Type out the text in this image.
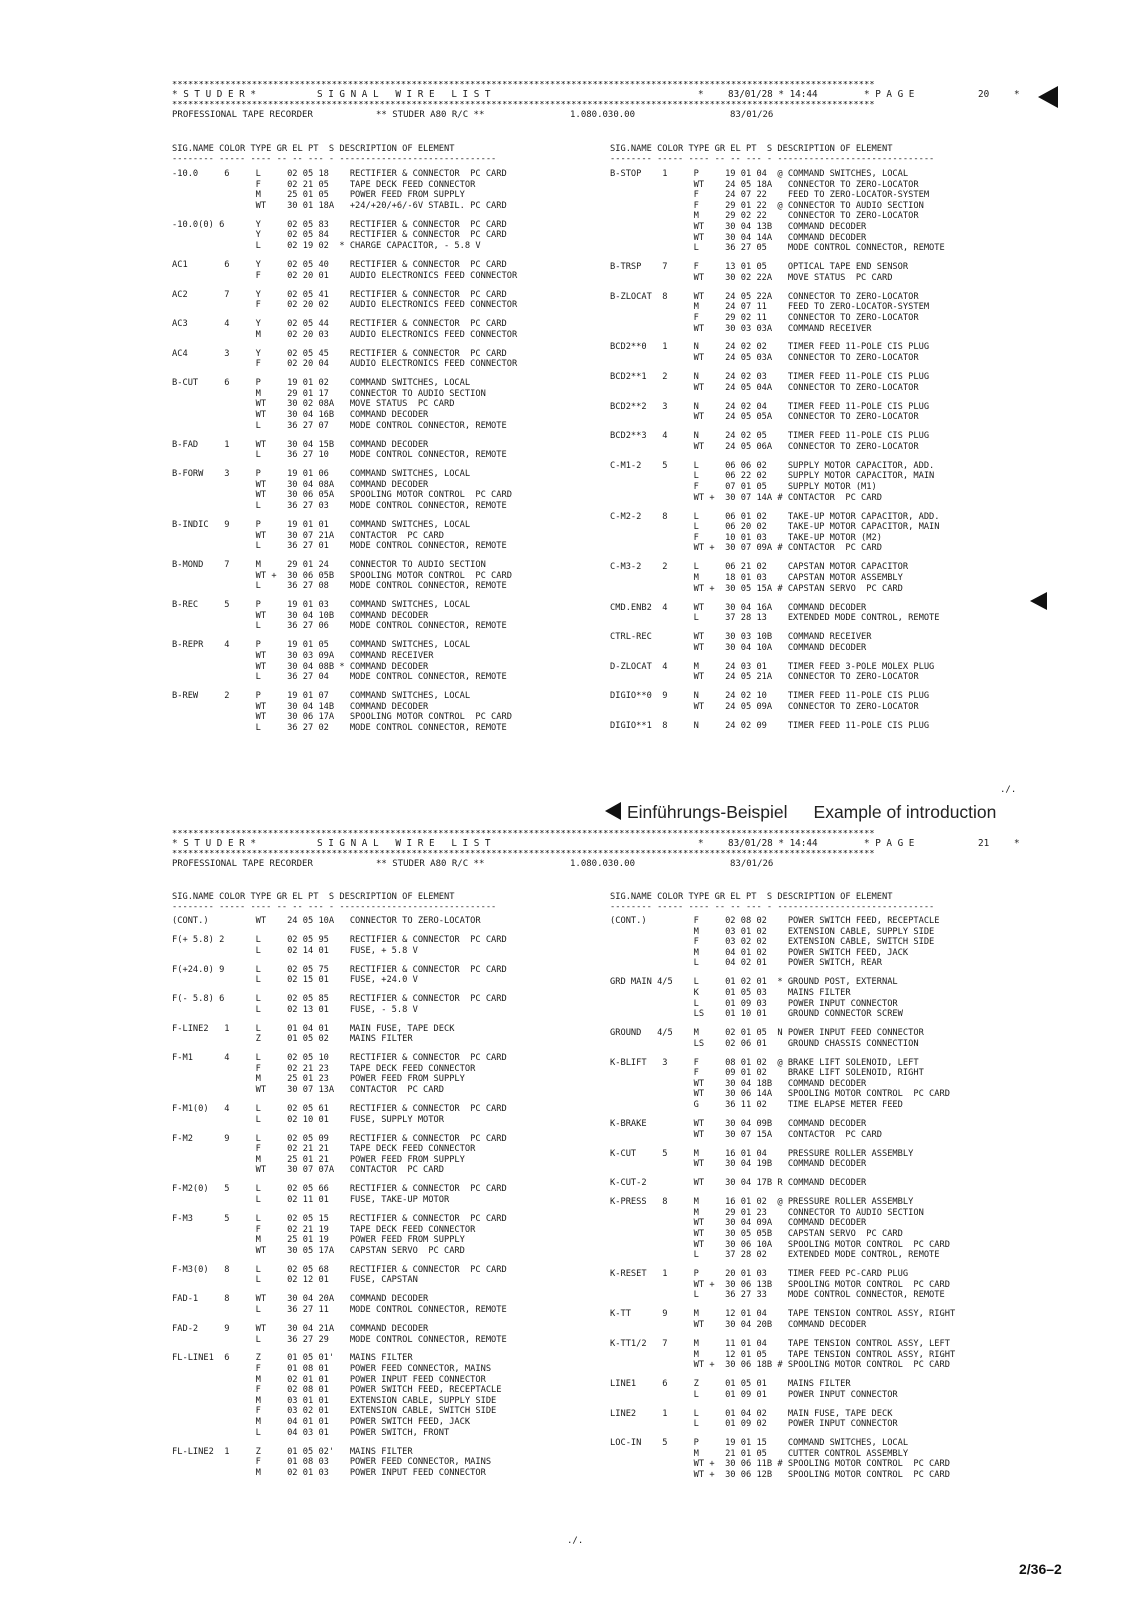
************************************************************************************************************************************

* S T U D E R *

	S I G N A L   W I R E   L I S T

	*

	83/01/28 * 14:44

	* P A G E

	20

	*

************************************************************************************************************************************

PROFESSIONAL TAPE RECORDER

	** STUDER A80 R/C **

	1.080.030.00

	83/01/26

SIG.NAME COLOR TYPE GR EL PT  S DESCRIPTION OF ELEMENT
-------- ----- ---- -- -- --- - ------------------------------
SIG.NAME COLOR TYPE GR EL PT  S DESCRIPTION OF ELEMENT
-------- ----- ---- -- -- --- - ------------------------------
-10.0     6     L     02 05 18    RECTIFIER & CONNECTOR  PC CARD
F     02 21 05    TAPE DECK FEED CONNECTOR
M     25 01 05    POWER FEED FROM SUPPLY
WT    30 01 18A   +24/+20/+6/-6V STABIL. PC CARD
-10.0(0) 6      Y     02 05 83    RECTIFIER & CONNECTOR  PC CARD
Y     02 05 84    RECTIFIER & CONNECTOR  PC CARD
L     02 19 02  * CHARGE CAPACITOR, - 5.8 V
AC1       6     Y     02 05 40    RECTIFIER & CONNECTOR  PC CARD
F     02 20 01    AUDIO ELECTRONICS FEED CONNECTOR
AC2       7     Y     02 05 41    RECTIFIER & CONNECTOR  PC CARD
F     02 20 02    AUDIO ELECTRONICS FEED CONNECTOR
AC3       4     Y     02 05 44    RECTIFIER & CONNECTOR  PC CARD
M     02 20 03    AUDIO ELECTRONICS FEED CONNECTOR
AC4       3     Y     02 05 45    RECTIFIER & CONNECTOR  PC CARD
F     02 20 04    AUDIO ELECTRONICS FEED CONNECTOR
B-CUT     6     P     19 01 02    COMMAND SWITCHES, LOCAL
M     29 01 17    CONNECTOR TO AUDIO SECTION
WT    30 02 08A   MOVE STATUS  PC CARD
WT    30 04 16B   COMMAND DECODER
L     36 27 07    MODE CONTROL CONNECTOR, REMOTE
B-FAD     1     WT    30 04 15B   COMMAND DECODER
L     36 27 10    MODE CONTROL CONNECTOR, REMOTE
B-FORW    3     P     19 01 06    COMMAND SWITCHES, LOCAL
WT    30 04 08A   COMMAND DECODER
WT    30 06 05A   SPOOLING MOTOR CONTROL  PC CARD
L     36 27 03    MODE CONTROL CONNECTOR, REMOTE
B-INDIC   9     P     19 01 01    COMMAND SWITCHES, LOCAL
WT    30 07 21A   CONTACTOR  PC CARD
L     36 27 01    MODE CONTROL CONNECTOR, REMOTE
B-MOND    7     M     29 01 24    CONNECTOR TO AUDIO SECTION
WT +  30 06 05B   SPOOLING MOTOR CONTROL  PC CARD
L     36 27 08    MODE CONTROL CONNECTOR, REMOTE
B-REC     5     P     19 01 03    COMMAND SWITCHES, LOCAL
WT    30 04 10B   COMMAND DECODER
L     36 27 06    MODE CONTROL CONNECTOR, REMOTE
B-REPR    4     P     19 01 05    COMMAND SWITCHES, LOCAL
WT    30 03 09A   COMMAND RECEIVER
WT    30 04 08B * COMMAND DECODER
L     36 27 04    MODE CONTROL CONNECTOR, REMOTE
B-REW     2     P     19 01 07    COMMAND SWITCHES, LOCAL
WT    30 04 14B   COMMAND DECODER
WT    30 06 17A   SPOOLING MOTOR CONTROL  PC CARD
L     36 27 02    MODE CONTROL CONNECTOR, REMOTE
B-STOP    1     P     19 01 04  @ COMMAND SWITCHES, LOCAL
WT    24 05 18A   CONNECTOR TO ZERO-LOCATOR
F     24 07 22    FEED TO ZERO-LOCATOR-SYSTEM
F     29 01 22  @ CONNECTOR TO AUDIO SECTION
M     29 02 22    CONNECTOR TO ZERO-LOCATOR
WT    30 04 13B   COMMAND DECODER
WT    30 04 14A   COMMAND DECODER
L     36 27 05    MODE CONTROL CONNECTOR, REMOTE
B-TRSP    7     F     13 01 05    OPTICAL TAPE END SENSOR
WT    30 02 22A   MOVE STATUS  PC CARD
B-ZLOCAT  8     WT    24 05 22A   CONNECTOR TO ZERO-LOCATOR
M     24 07 11    FEED TO ZERO-LOCATOR-SYSTEM
F     29 02 11    CONNECTOR TO ZERO-LOCATOR
WT    30 03 03A   COMMAND RECEIVER
BCD2**0   1     N     24 02 02    TIMER FEED 11-POLE CIS PLUG
WT    24 05 03A   CONNECTOR TO ZERO-LOCATOR
BCD2**1   2     N     24 02 03    TIMER FEED 11-POLE CIS PLUG
WT    24 05 04A   CONNECTOR TO ZERO-LOCATOR
BCD2**2   3     N     24 02 04    TIMER FEED 11-POLE CIS PLUG
WT    24 05 05A   CONNECTOR TO ZERO-LOCATOR
BCD2**3   4     N     24 02 05    TIMER FEED 11-POLE CIS PLUG
WT    24 05 06A   CONNECTOR TO ZERO-LOCATOR
C-M1-2    5     L     06 06 02    SUPPLY MOTOR CAPACITOR, ADD.
L     06 22 02    SUPPLY MOTOR CAPACITOR, MAIN
F     07 01 05    SUPPLY MOTOR (M1)
WT +  30 07 14A # CONTACTOR  PC CARD
C-M2-2    8     L     06 01 02    TAKE-UP MOTOR CAPACITOR, ADD.
L     06 20 02    TAKE-UP MOTOR CAPACITOR, MAIN
F     10 01 03    TAKE-UP MOTOR (M2)
WT +  30 07 09A # CONTACTOR  PC CARD
C-M3-2    2     L     06 21 02    CAPSTAN MOTOR CAPACITOR
M     18 01 03    CAPSTAN MOTOR ASSEMBLY
WT +  30 05 15A # CAPSTAN SERVO  PC CARD
CMD.ENB2  4     WT    30 04 16A   COMMAND DECODER
L     37 28 13    EXTENDED MODE CONTROL, REMOTE
CTRL-REC        WT    30 03 10B   COMMAND RECEIVER
WT    30 04 10A   COMMAND DECODER
D-ZLOCAT  4     M     24 03 01    TIMER FEED 3-POLE MOLEX PLUG
WT    24 05 21A   CONNECTOR TO ZERO-LOCATOR
DIGIO**0  9     N     24 02 10    TIMER FEED 11-POLE CIS PLUG
WT    24 05 09A   CONNECTOR TO ZERO-LOCATOR
DIGIO**1  8     N     24 02 09    TIMER FEED 11-POLE CIS PLUG
./.
Einführungs-Beispiel Example of introduction
************************************************************************************************************************************

* S T U D E R *

	S I G N A L   W I R E   L I S T

	*

	83/01/28 * 14:44

	* P A G E

	21

	*

************************************************************************************************************************************

PROFESSIONAL TAPE RECORDER

	** STUDER A80 R/C **

	1.080.030.00

	83/01/26

SIG.NAME COLOR TYPE GR EL PT  S DESCRIPTION OF ELEMENT
-------- ----- ---- -- -- --- - ------------------------------
SIG.NAME COLOR TYPE GR EL PT  S DESCRIPTION OF ELEMENT
-------- ----- ---- -- -- --- - ------------------------------
(CONT.)         WT    24 05 10A   CONNECTOR TO ZERO-LOCATOR
F(+ 5.8) 2      L     02 05 95    RECTIFIER & CONNECTOR  PC CARD
L     02 14 01    FUSE, + 5.8 V
F(+24.0) 9      L     02 05 75    RECTIFIER & CONNECTOR  PC CARD
L     02 15 01    FUSE, +24.0 V
F(- 5.8) 6      L     02 05 85    RECTIFIER & CONNECTOR  PC CARD
L     02 13 01    FUSE, - 5.8 V
F-LINE2   1     L     01 04 01    MAIN FUSE, TAPE DECK
Z     01 05 02    MAINS FILTER
F-M1      4     L     02 05 10    RECTIFIER & CONNECTOR  PC CARD
F     02 21 23    TAPE DECK FEED CONNECTOR
M     25 01 23    POWER FEED FROM SUPPLY
WT    30 07 13A   CONTACTOR  PC CARD
F-M1(0)   4     L     02 05 61    RECTIFIER & CONNECTOR  PC CARD
L     02 10 01    FUSE, SUPPLY MOTOR
F-M2      9     L     02 05 09    RECTIFIER & CONNECTOR  PC CARD
F     02 21 21    TAPE DECK FEED CONNECTOR
M     25 01 21    POWER FEED FROM SUPPLY
WT    30 07 07A   CONTACTOR  PC CARD
F-M2(0)   5     L     02 05 66    RECTIFIER & CONNECTOR  PC CARD
L     02 11 01    FUSE, TAKE-UP MOTOR
F-M3      5     L     02 05 15    RECTIFIER & CONNECTOR  PC CARD
F     02 21 19    TAPE DECK FEED CONNECTOR
M     25 01 19    POWER FEED FROM SUPPLY
WT    30 05 17A   CAPSTAN SERVO  PC CARD
F-M3(0)   8     L     02 05 68    RECTIFIER & CONNECTOR  PC CARD
L     02 12 01    FUSE, CAPSTAN
FAD-1     8     WT    30 04 20A   COMMAND DECODER
L     36 27 11    MODE CONTROL CONNECTOR, REMOTE
FAD-2     9     WT    30 04 21A   COMMAND DECODER
L     36 27 29    MODE CONTROL CONNECTOR, REMOTE
FL-LINE1  6     Z     01 05 01'   MAINS FILTER
F     01 08 01    POWER FEED CONNECTOR, MAINS
M     02 01 01    POWER INPUT FEED CONNECTOR
F     02 08 01    POWER SWITCH FEED, RECEPTACLE
M     03 01 01    EXTENSION CABLE, SUPPLY SIDE
F     03 02 01    EXTENSION CABLE, SWITCH SIDE
M     04 01 01    POWER SWITCH FEED, JACK
L     04 03 01    POWER SWITCH, FRONT
FL-LINE2  1     Z     01 05 02'   MAINS FILTER
F     01 08 03    POWER FEED CONNECTOR, MAINS
M     02 01 03    POWER INPUT FEED CONNECTOR
(CONT.)         F     02 08 02    POWER SWITCH FEED, RECEPTACLE
M     03 01 02    EXTENSION CABLE, SUPPLY SIDE
F     03 02 02    EXTENSION CABLE, SWITCH SIDE
M     04 01 02    POWER SWITCH FEED, JACK
L     04 02 01    POWER SWITCH, REAR
GRD MAIN 4/5    L     01 02 01  * GROUND POST, EXTERNAL
K     01 05 03    MAINS FILTER
L     01 09 03    POWER INPUT CONNECTOR
LS    01 10 01    GROUND CONNECTOR SCREW
GROUND   4/5    M     02 01 05  N POWER INPUT FEED CONNECTOR
LS    02 06 01    GROUND CHASSIS CONNECTION
K-BLIFT   3     F     08 01 02  @ BRAKE LIFT SOLENOID, LEFT
F     09 01 02    BRAKE LIFT SOLENOID, RIGHT
WT    30 04 18B   COMMAND DECODER
WT    30 06 14A   SPOOLING MOTOR CONTROL  PC CARD
G     36 11 02    TIME ELAPSE METER FEED
K-BRAKE         WT    30 04 09B   COMMAND DECODER
WT    30 07 15A   CONTACTOR  PC CARD
K-CUT     5     M     16 01 04    PRESSURE ROLLER ASSEMBLY
WT    30 04 19B   COMMAND DECODER
K-CUT-2         WT    30 04 17B R COMMAND DECODER
K-PRESS   8     M     16 01 02  @ PRESSURE ROLLER ASSEMBLY
M     29 01 23    CONNECTOR TO AUDIO SECTION
WT    30 04 09A   COMMAND DECODER
WT    30 05 05B   CAPSTAN SERVO  PC CARD
WT    30 06 10A   SPOOLING MOTOR CONTROL  PC CARD
L     37 28 02    EXTENDED MODE CONTROL, REMOTE
K-RESET   1     P     20 01 03    TIMER FEED PC-CARD PLUG
WT +  30 06 13B   SPOOLING MOTOR CONTROL  PC CARD
L     36 27 33    MODE CONTROL CONNECTOR, REMOTE
K-TT      9     M     12 01 04    TAPE TENSION CONTROL ASSY, RIGHT
WT    30 04 20B   COMMAND DECODER
K-TT1/2   7     M     11 01 04    TAPE TENSION CONTROL ASSY, LEFT
M     12 01 05    TAPE TENSION CONTROL ASSY, RIGHT
WT +  30 06 18B # SPOOLING MOTOR CONTROL  PC CARD
LINE1     6     Z     01 05 01    MAINS FILTER
L     01 09 01    POWER INPUT CONNECTOR
LINE2     1     L     01 04 02    MAIN FUSE, TAPE DECK
L     01 09 02    POWER INPUT CONNECTOR
LOC-IN    5     P     19 01 15    COMMAND SWITCHES, LOCAL
M     21 01 05    CUTTER CONTROL ASSEMBLY
WT +  30 06 11B # SPOOLING MOTOR CONTROL  PC CARD
WT +  30 06 12B   SPOOLING MOTOR CONTROL  PC CARD
./.
2/36–2
